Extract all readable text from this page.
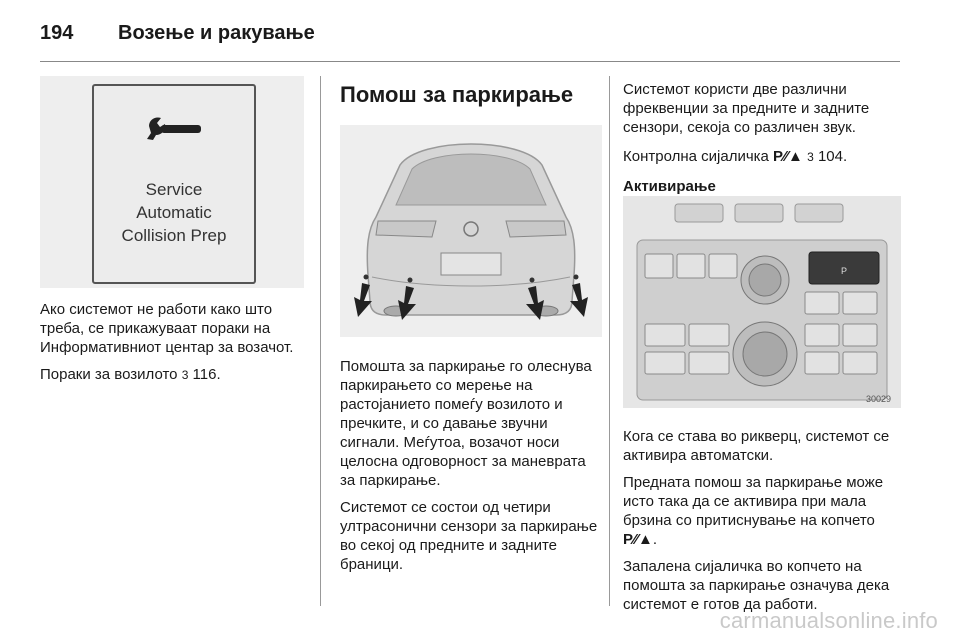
194 Возење и ракување
Service
Automatic
Collision Prep

Ако системот не работи како што треба, се прикажуваат пораки на Информативниот центар за возачот.

Пораки за возилото 3 116.

Помош за паркирање

Помошта за паркирање го олеснува паркирањето со мерење на растојанието помеѓу возилото и пречките, и со давање звучни сигнали. Меѓутоа, возачот носи целосна одговорност за маневрата за паркирање.

Системот се состои од четири ултрасонични сензори за паркирање во секој од предните и задните браници.

Системот користи две различни фреквенции за предните и задните сензори, секоја со различен звук.

Контролна сијаличка P⁄⁄▲ 3 104.

Активирање

P
30029

Кога се става во рикверц, системот се активира автоматски.

Предната помош за паркирање може исто така да се активира при мала брзина со притиснување на копчето P⁄⁄▲.

Запалена сијаличка во копчето на помошта за паркирање означува дека системот е готов да работи.

carmanualsonline.info
